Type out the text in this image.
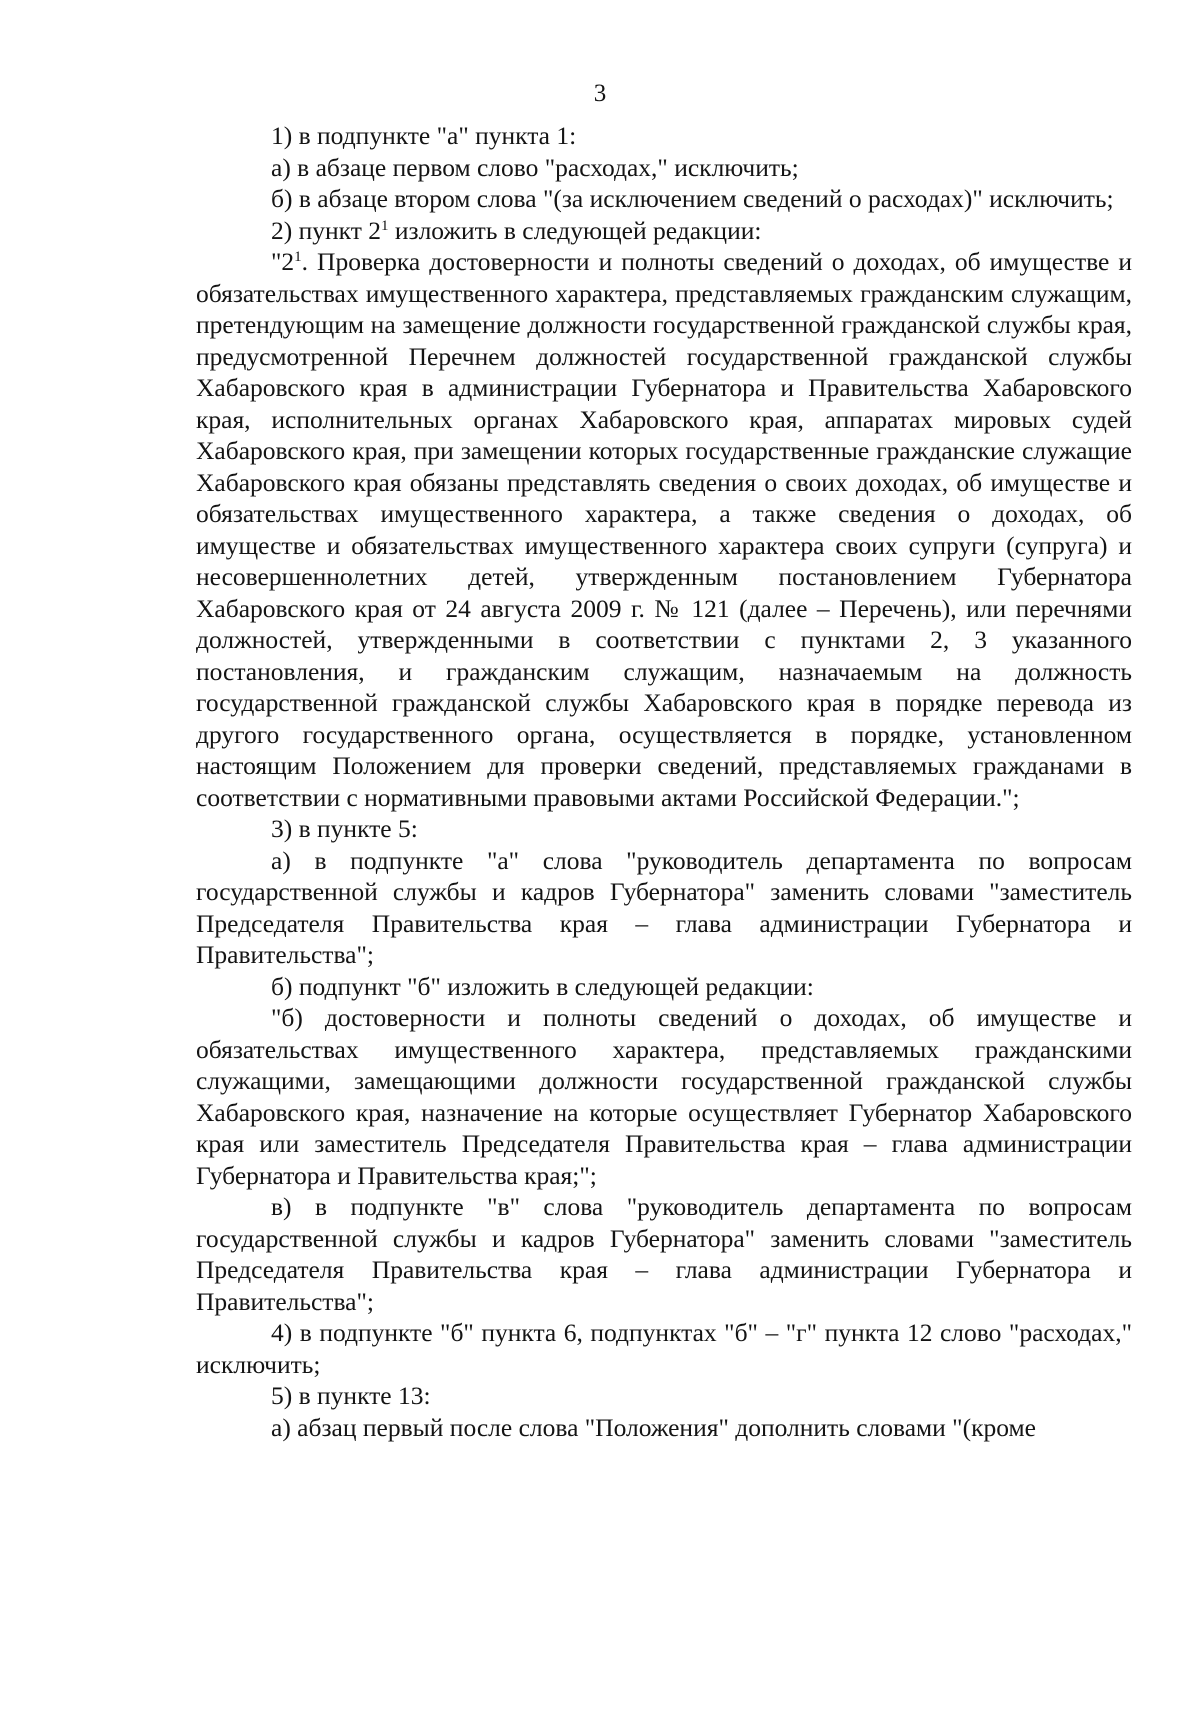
3

1) в подпункте "а" пункта 1:

а) в абзаце первом слово "расходах," исключить;

б) в абзаце втором слова "(за исключением сведений о расходах)" исключить;

2) пункт $2^1$ изложить в следующей редакции:

"$2^1$. Проверка достоверности и полноты сведений о доходах, об имуществе и обязательствах имущественного характера, представляемых гражданским служащим, претендующим на замещение должности государственной гражданской службы края, предусмотренной Перечнем должностей государственной гражданской службы Хабаровского края в администрации Губернатора и Правительства Хабаровского края, исполнительных органах Хабаровского края, аппаратах мировых судей Хабаровского края, при замещении которых государственные гражданские служащие Хабаровского края обязаны представлять сведения о своих доходах, об имуществе и обязательствах имущественного характера, а также сведения о доходах, об имуществе и обязательствах имущественного характера своих супруги (супруга) и несовершеннолетних детей, утвержденным постановлением Губернатора Хабаровского края от 24 августа 2009 г. № 121 (далее – Перечень), или перечнями должностей, утвержденными в соответствии с пунктами 2, 3 указанного постановления, и гражданским служащим, назначаемым на должность государственной гражданской службы Хабаровского края в порядке перевода из другого государственного органа, осуществляется в порядке, установленном настоящим Положением для проверки сведений, представляемых гражданами в соответствии с нормативными правовыми актами Российской Федерации.";

3) в пункте 5:

а) в подпункте "а" слова "руководитель департамента по вопросам государственной службы и кадров Губернатора" заменить словами "заместитель Председателя Правительства края – глава администрации Губернатора и Правительства";

б) подпункт "б" изложить в следующей редакции:

"б) достоверности и полноты сведений о доходах, об имуществе и обязательствах имущественного характера, представляемых гражданскими служащими, замещающими должности государственной гражданской службы Хабаровского края, назначение на которые осуществляет Губернатор Хабаровского края или заместитель Председателя Правительства края – глава администрации Губернатора и Правительства края;";

в) в подпункте "в" слова "руководитель департамента по вопросам государственной службы и кадров Губернатора" заменить словами "заместитель Председателя Правительства края – глава администрации Губернатора и Правительства";

4) в подпункте "б" пункта 6, подпунктах "б" – "г" пункта 12 слово "расходах," исключить;

5) в пункте 13:

а) абзац первый после слова "Положения" дополнить словами "(кроме
